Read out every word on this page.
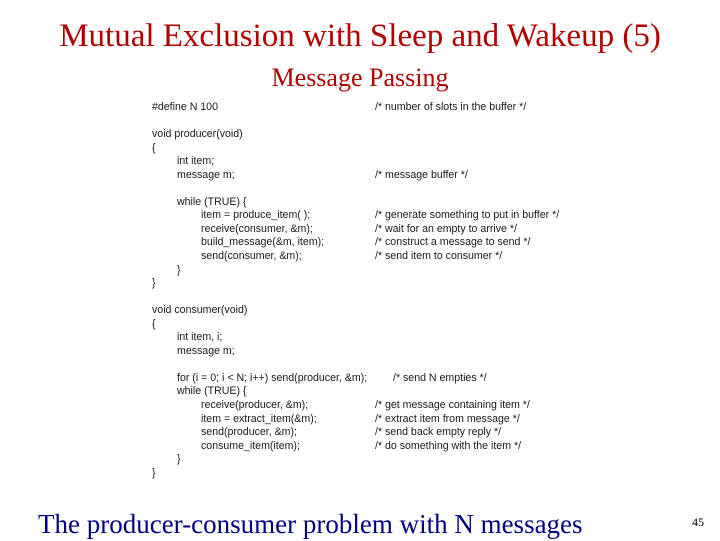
Mutual Exclusion with Sleep and Wakeup (5)
Message Passing
#define N 100	/* number of slots in the buffer */
void producer(void)
{
int item;
message m;	/* message buffer */
while (TRUE) {
item = produce_item( );	/* generate something to put in buffer */
receive(consumer, &m);	/* wait for an empty to arrive */
build_message(&m, item);	/* construct a message to send */
send(consumer, &m);	/* send item to consumer */
}
}
void consumer(void)
{
int item, i;
message m;
for (i = 0; i < N; i++) send(producer, &m); /* send N empties */
while (TRUE) {
receive(producer, &m);	/* get message containing item */
item = extract_item(&m);	/* extract item from message */
send(producer, &m);	/* send back empty reply */
consume_item(item);	/* do something with the item */
}
}
The producer-consumer problem with N messages	45
